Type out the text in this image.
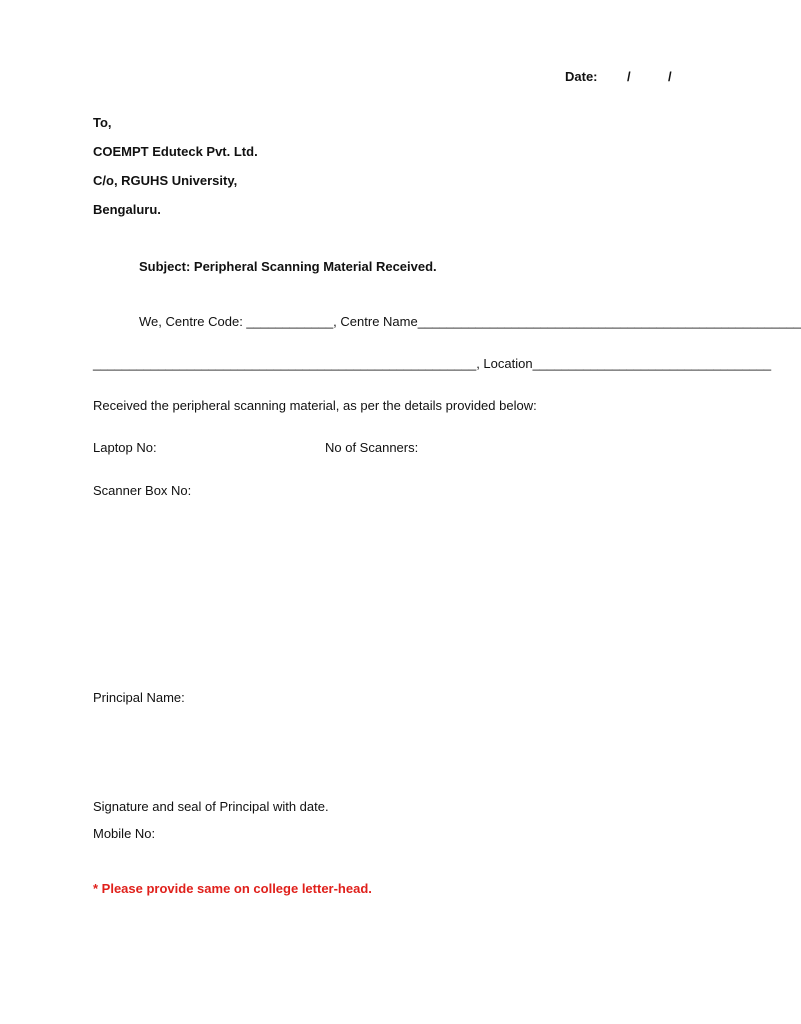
Date: /	/
To,
COEMPT Eduteck Pvt. Ltd.
C/o, RGUHS University,
Bengaluru.
Subject: Peripheral Scanning Material Received.
We, Centre Code: ____________, Centre Name_____________________________________________________
_____________________________________________________, Location_________________________________
Received the peripheral scanning material, as per the details provided below:
Laptop No:	No of Scanners:
Scanner Box No:
Principal Name:
Signature and seal of Principal with date.
Mobile No:
* Please provide same on college letter-head.
